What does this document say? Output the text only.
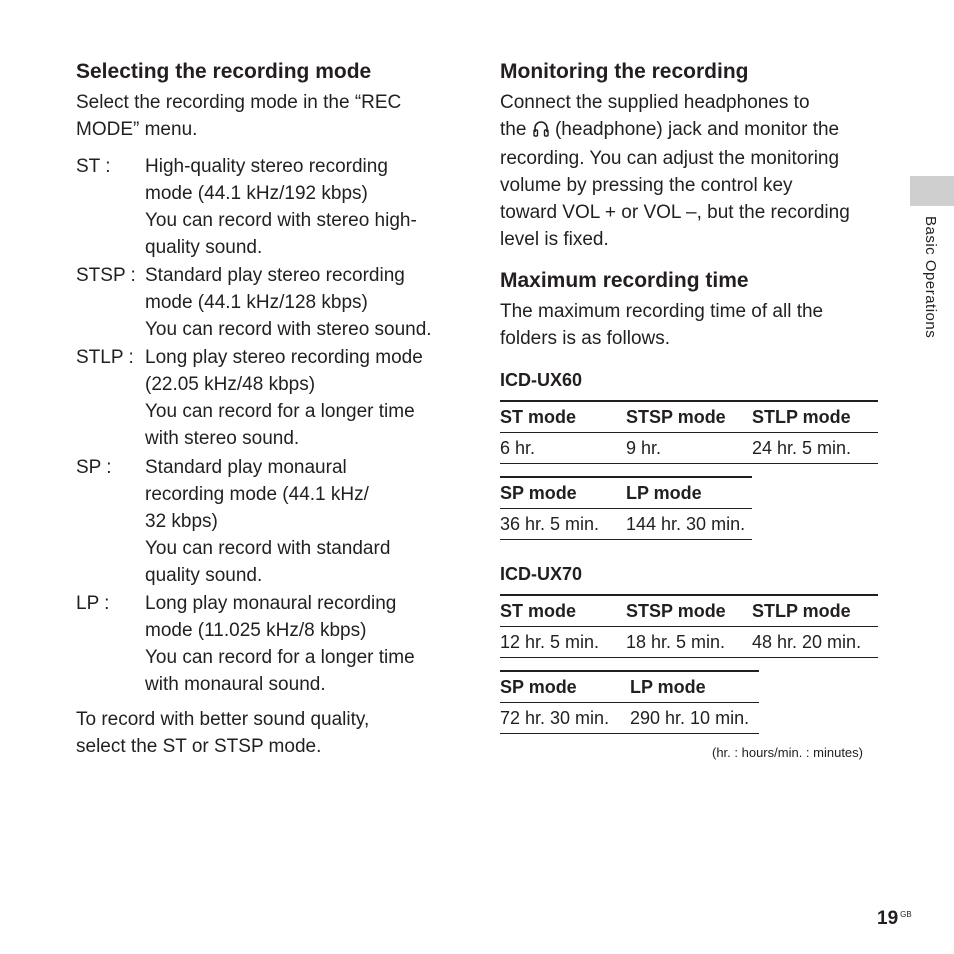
Selecting the recording mode
Select the recording mode in the “REC
MODE” menu.
ST : High-quality stereo recording
mode (44.1 kHz/192 kbps)
You can record with stereo high-
quality sound.
STSP : Standard play stereo recording
mode (44.1 kHz/128 kbps)
You can record with stereo sound.
STLP : Long play stereo recording mode
(22.05 kHz/48 kbps)
You can record for a longer time
with stereo sound.
SP : Standard play monaural
recording mode (44.1 kHz/
32 kbps)
You can record with standard
quality sound.
LP : Long play monaural recording
mode (11.025 kHz/8 kbps)
You can record for a longer time
with monaural sound.
To record with better sound quality,
select the ST or STSP mode.
Monitoring the recording
Connect the supplied headphones to
the (headphone) jack and monitor the
recording. You can adjust the monitoring
volume by pressing the control key
toward VOL + or VOL –, but the recording
level is fixed.
Maximum recording time
The maximum recording time of all the
folders is as follows.
ICD-UX60
ST mode	STSP mode	STLP mode
6 hr.	9 hr.	24 hr. 5 min.
SP mode	LP mode
36 hr. 5 min.	144 hr. 30 min.
ICD-UX70
ST mode	STSP mode	STLP mode
12 hr. 5 min.	18 hr. 5 min.	48 hr. 20 min.
SP mode	LP mode
72 hr. 30 min.	290 hr. 10 min.
(hr. : hours/min. : minutes)
Basic Operations
19 $^{GB}$
